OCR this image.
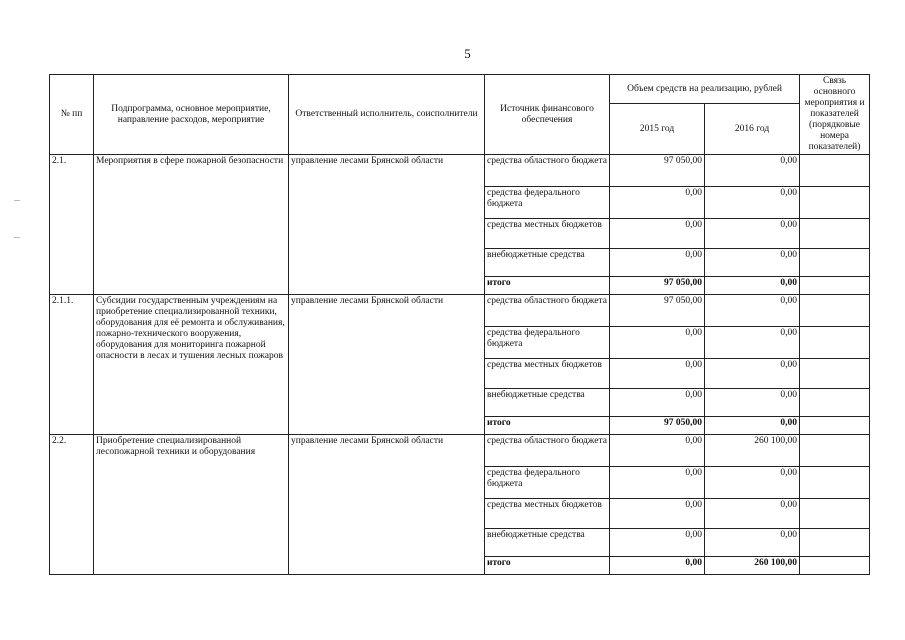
5
№ пп	Подпрограмма, основное мероприятие, направление расходов, мероприятие	Ответственный исполнитель, соисполнители	Источник финансового обеспечения	Объем средств на реализацию, рублей		Связь основного мероприятия и показателей (порядковые номера показателей)
				2015 год	2016 год	
2.1.	Мероприятия в сфере пожарной безопасности	управление лесами Брянской области	средства областного бюджета	97 050,00	0,00	
			средства федерального бюджета	0,00	0,00	
			средства местных бюджетов	0,00	0,00	
			внебюджетные средства	0,00	0,00	
			итого	97 050,00	0,00	
2.1.1.	Субсидии государственным учреждениям на приобретение специализированной техники, оборудования для её ремонта и обслуживания, пожарно-технического вооружения, оборудования для мониторинга пожарной опасности в лесах и тушения лесных пожаров	управление лесами Брянской области	средства областного бюджета	97 050,00	0,00	
			средства федерального бюджета	0,00	0,00	
			средства местных бюджетов	0,00	0,00	
			внебюджетные средства	0,00	0,00	
			итого	97 050,00	0,00	
2.2.	Приобретение специализированной лесопожарной техники и оборудования	управление лесами Брянской области	средства областного бюджета	0,00	260 100,00	
			средства федерального бюджета	0,00	0,00	
			средства местных бюджетов	0,00	0,00	
			внебюджетные средства	0,00	0,00	
			итого	0,00	260 100,00	
